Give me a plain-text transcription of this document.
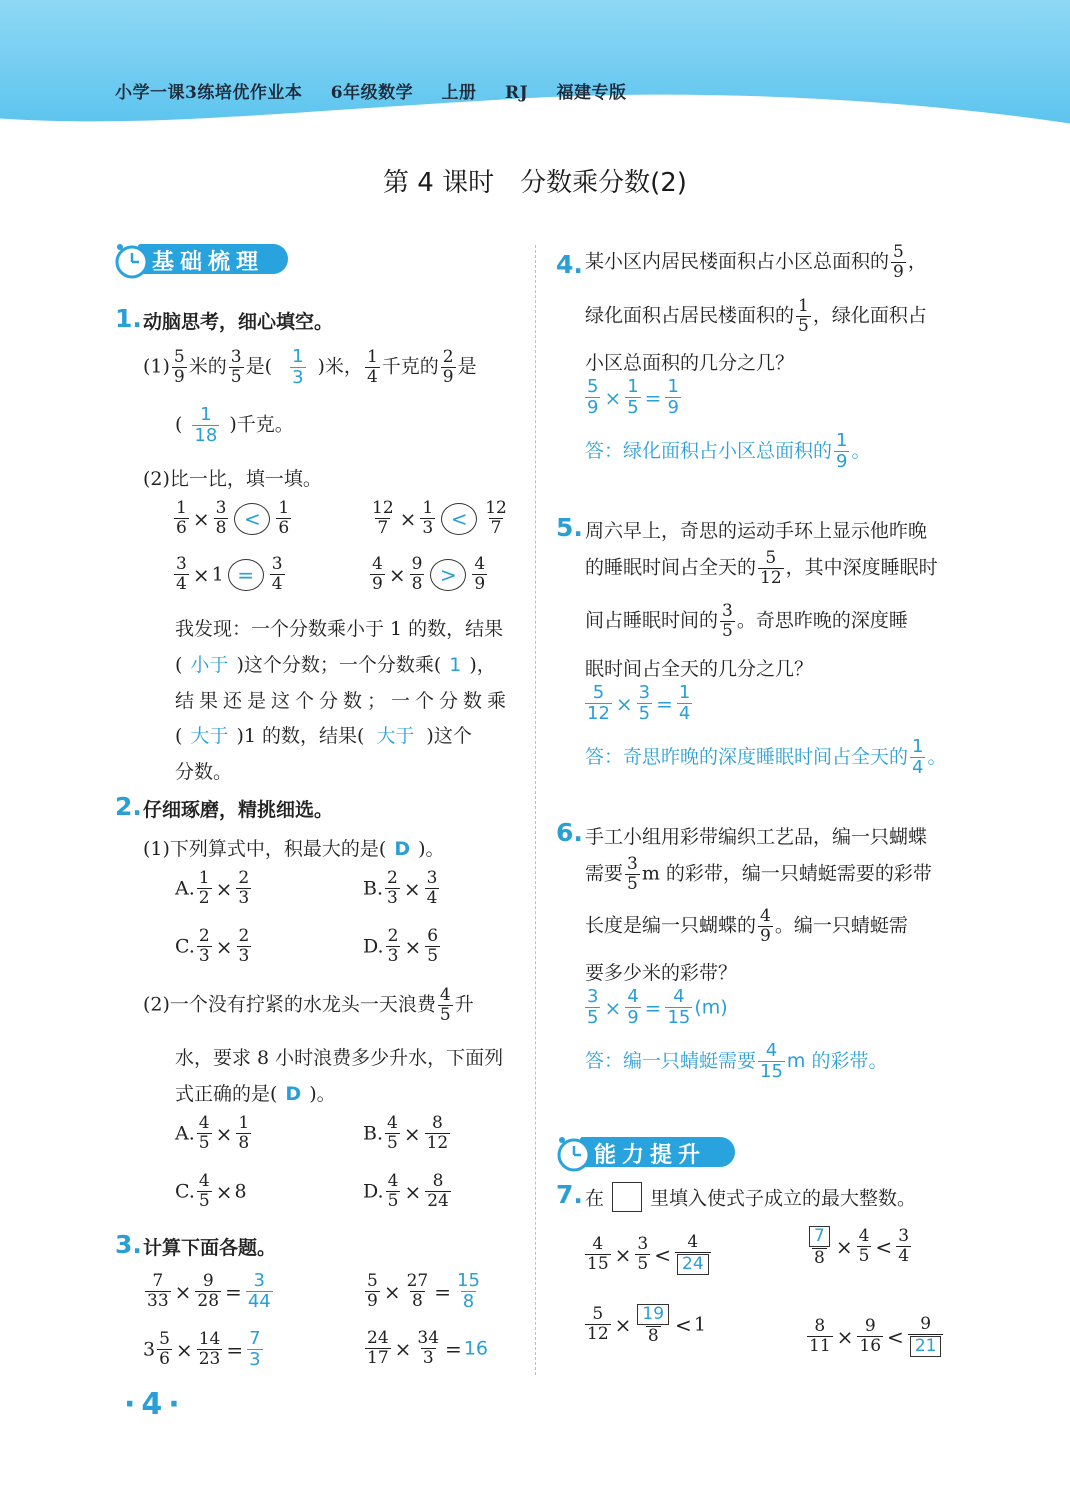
小学一课3练培优作业本 6年级数学 上册 RJ 福建专版
第 4 课时　分数乘分数(2)
基础梳理
1. 动脑思考，细心填空。
$(1) \frac{5}{9}$ 米的 $\frac{3}{5}$ 是( $\frac{1}{3}$ )米， $\frac{1}{4}$ 千克的 $\frac{2}{9}$ 是
( $\frac{1}{18}$ )千克。
(2)比一比，填一填。
$\frac{1}{6} \times \frac{3}{8} < \frac{1}{6}$	$\frac{12}{7} \times \frac{1}{3} < \frac{12}{7}$
$\frac{3}{4} \times 1 = \frac{3}{4}$	$\frac{4}{9} \times \frac{9}{8} > \frac{4}{9}$
我发现：一个分数乘小于 1 的数，结果
( 小于 )这个分数；一个分数乘( 1 )，
结果还是这个分数；一个分数乘
( 大于 )1 的数，结果( 大于 )这个
分数。
2. 仔细琢磨，精挑细选。
(1)下列算式中，积最大的是( D )。
A. $\frac{1}{2} \times \frac{2}{3}$	B. $\frac{2}{3} \times \frac{3}{4}$
C. $\frac{2}{3} \times \frac{2}{3}$	D. $\frac{2}{3} \times \frac{6}{5}$
(2)一个没有拧紧的水龙头一天浪费 $\frac{4}{5}$ 升
水，要求 8 小时浪费多少升水，下面列
式正确的是( D )。
A. $\frac{4}{5} \times \frac{1}{8}$	B. $\frac{4}{5} \times \frac{8}{12}$
C. $\frac{4}{5} \times 8$	D. $\frac{4}{5} \times \frac{8}{24}$
3. 计算下面各题。
$\frac{7}{33} \times \frac{9}{28} = \frac{3}{44}$	$\frac{5}{9} \times \frac{27}{8} = \frac{15}{8}$
$3 \frac{5}{6} \times \frac{14}{23} = \frac{7}{3}$	$\frac{24}{17} \times \frac{34}{3} = 16$
·4·
4. 某小区内居民楼面积占小区总面积的 $\frac{5}{9}$ ，
绿化面积占居民楼面积的 $\frac{1}{5}$ ，绿化面积占
小区总面积的几分之几？
$\frac{5}{9} \times \frac{1}{5} = \frac{1}{9}$
答：绿化面积占小区总面积的 $\frac{1}{9}$ 。
5. 周六早上，奇思的运动手环上显示他昨晚
的睡眠时间占全天的 $\frac{5}{12}$ ，其中深度睡眠时
间占睡眠时间的 $\frac{3}{5}$ 。奇思昨晚的深度睡
眠时间占全天的几分之几？
$\frac{5}{12} \times \frac{3}{5} = \frac{1}{4}$
答：奇思昨晚的深度睡眠时间占全天的 $\frac{1}{4}$ 。
6. 手工小组用彩带编织工艺品，编一只蝴蝶
需要 $\frac{3}{5}$ m 的彩带，编一只蜻蜓需要的彩带
长度是编一只蝴蝶的 $\frac{4}{9}$ 。编一只蜻蜓需
要多少米的彩带？
$\frac{3}{5} \times \frac{4}{9} = \frac{4}{15} (m)$
答：编一只蜻蜓需要 $\frac{4}{15}$ m 的彩带。
能力提升
7. 在 里填入使式子成立的最大整数。
$\frac{4}{15} \times \frac{3}{5} < \frac{4}{24}$	$\frac{7}{8} \times \frac{4}{5} < \frac{3}{4}$
$\frac{5}{12} \times \frac{19}{8} < 1$	$\frac{8}{11} \times \frac{9}{16} < \frac{9}{21}$
